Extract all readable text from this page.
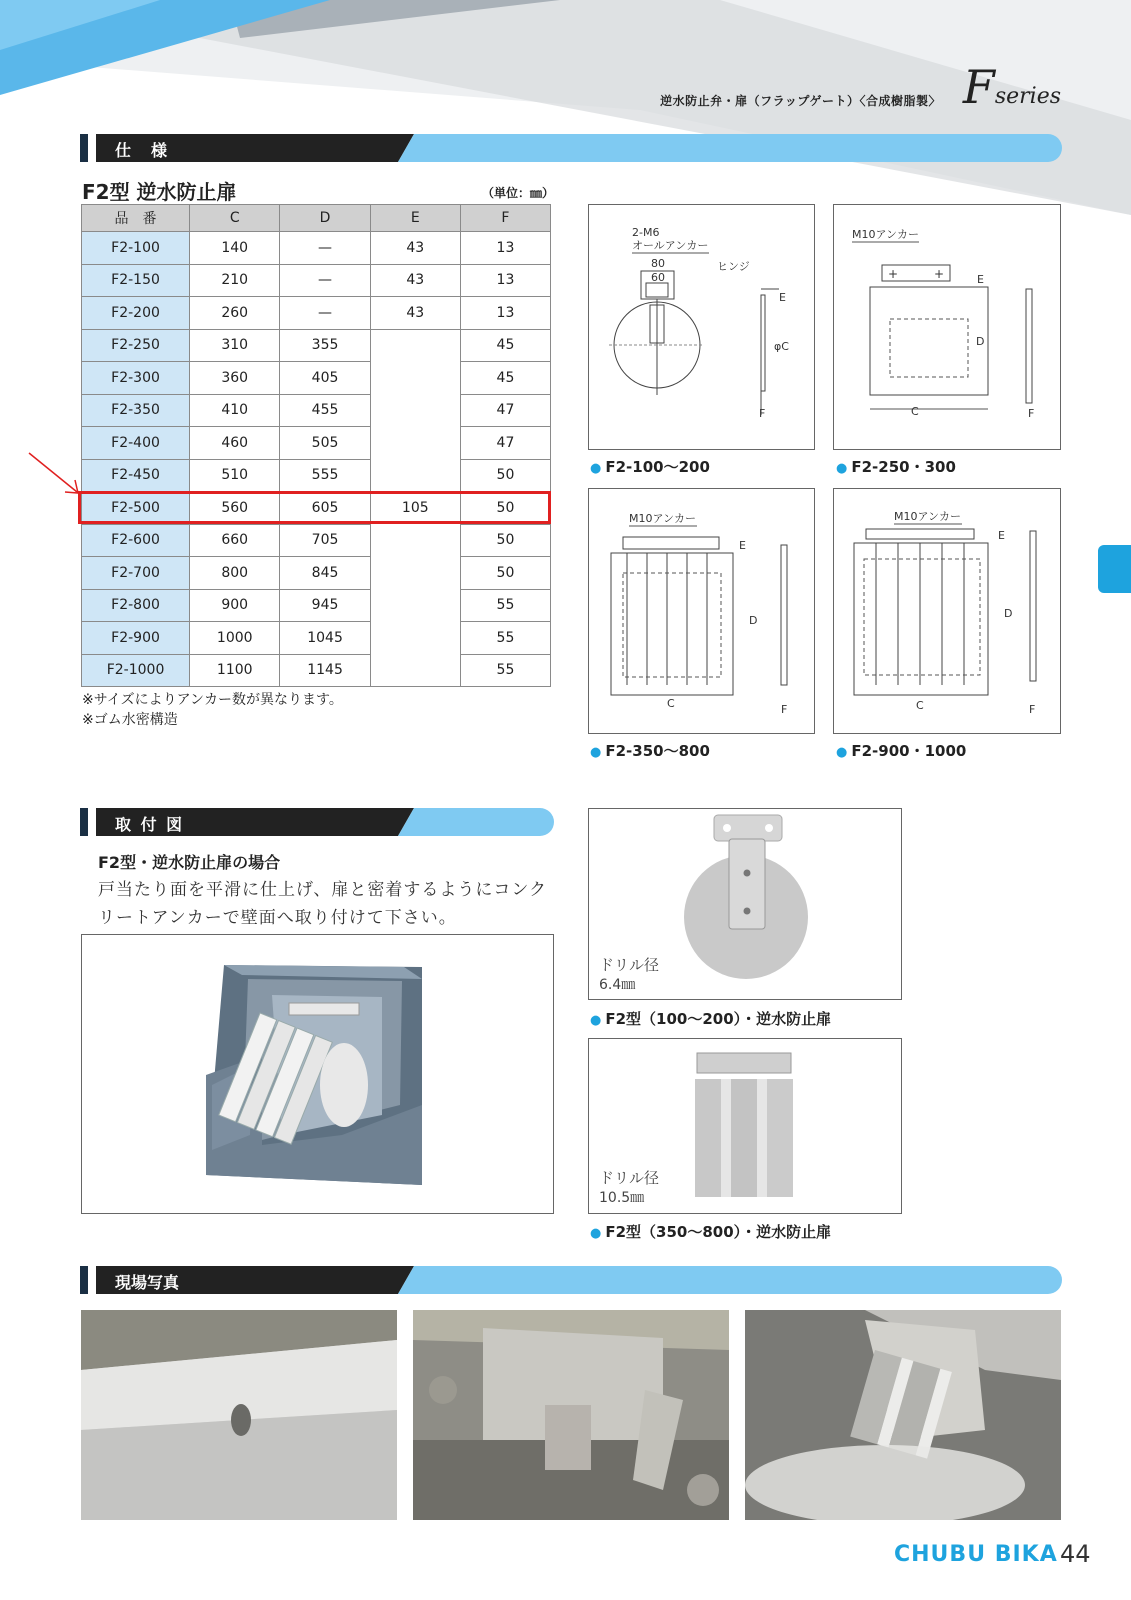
逆水防止弁・扉（フラップゲート）〈合成樹脂製〉 Fseries
仕　様
F2型 逆水防止扉	（単位：㎜）
品　番	C	D	E	F
F2-100	140	—	43	13
F2-150	210	—	43	13
F2-200	260	—	43	13
F2-250	310	355		45
F2-300	360	405		45
F2-350	410	455		47
F2-400	460	505		47
F2-450	510	555		50
F2-500	560	605	105	50
F2-600	660	705		50
F2-700	800	845		50
F2-800	900	945		55
F2-900	1000	1045		55
F2-1000	1100	1145		55
※サイズによりアンカー数が異なります。
※ゴム水密構造
2-M6
オールアンカー
80
60
ヒンジ
E
φC
F
● F2-100〜200
M10アンカー
+	+	E
D
C	F
● F2-250・300
M10アンカー
E
D
C	F
● F2-350〜800
M10アンカー
E
D
C	F
● F2-900・1000
取 付 図
F2型・逆水防止扉の場合
戸当たり面を平滑に仕上げ、扉と密着するようにコンク
リートアンカーで壁面へ取り付けて下さい。
ドリル径
6.4㎜
● F2型（100〜200）・逆水防止扉
ドリル径
10.5㎜
● F2型（350〜800）・逆水防止扉
現場写真
CHUBU BIKA 44
